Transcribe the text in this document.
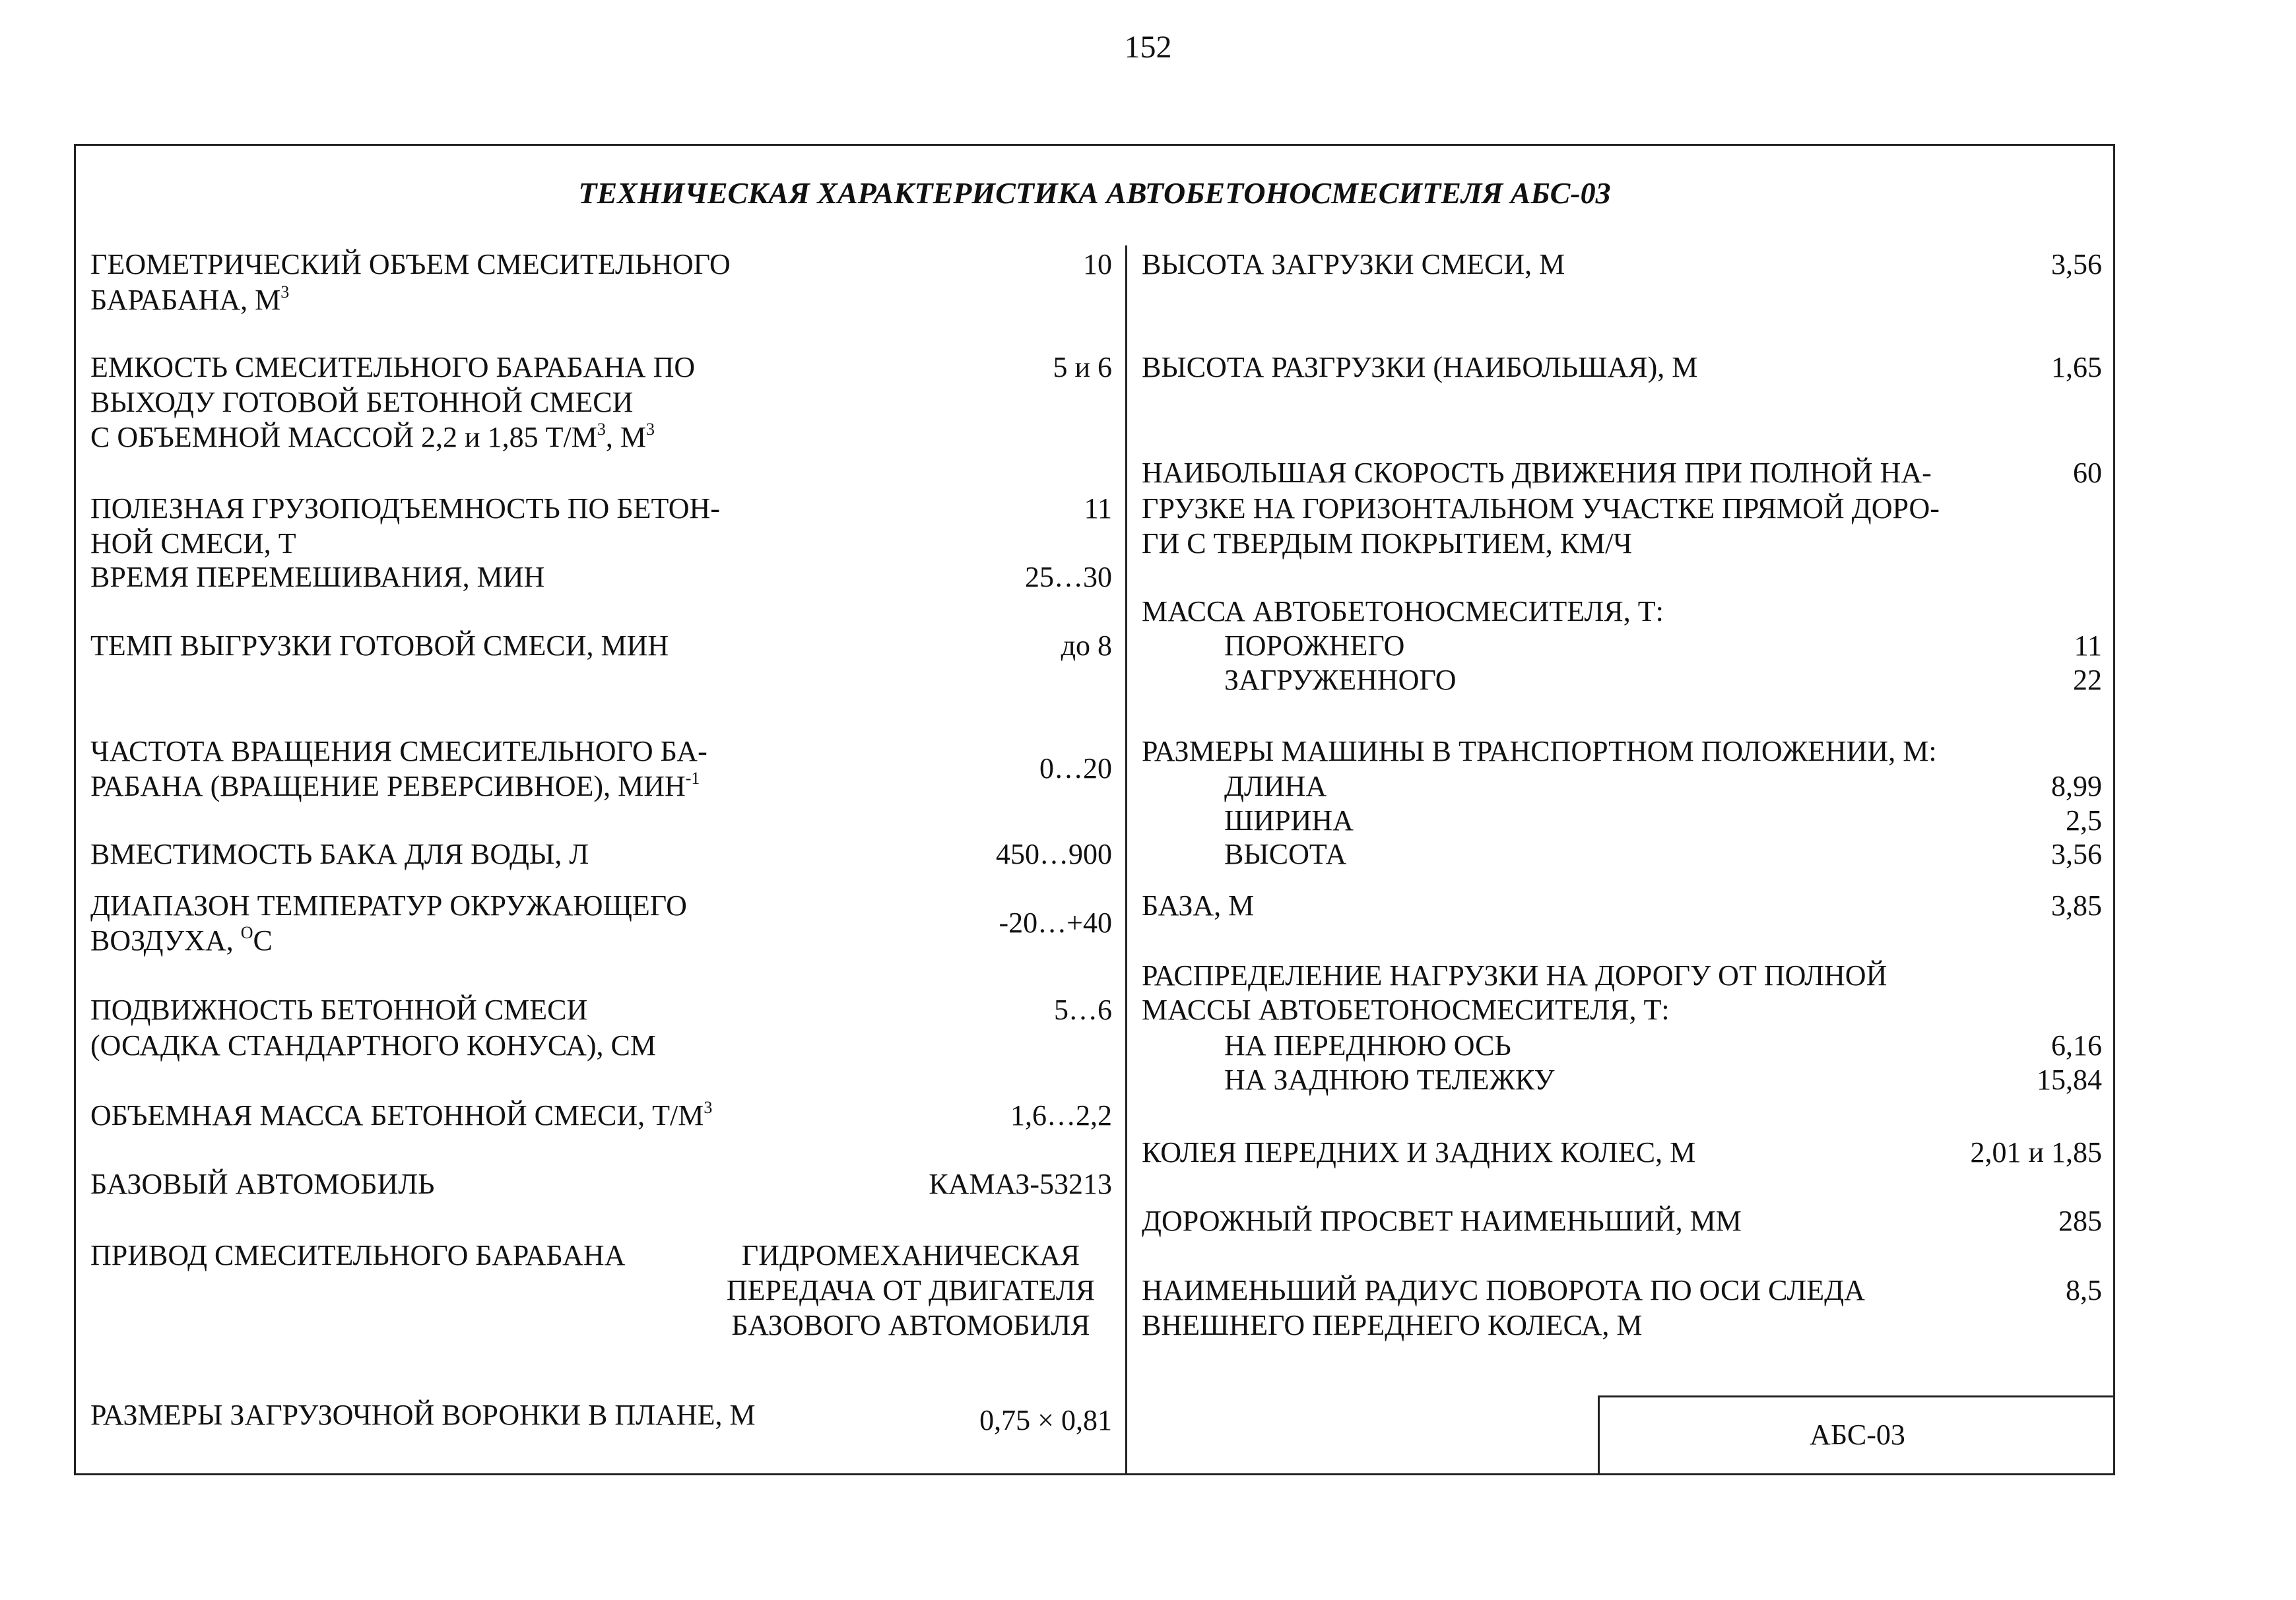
152
АБС-03
ТЕХНИЧЕСКАЯ ХАРАКТЕРИСТИКА АВТОБЕТОНОСМЕСИТЕЛЯ АБС-03
ГЕОМЕТРИЧЕСКИЙ ОБЪЕМ СМЕСИТЕЛЬНОГО
БАРАБАНА, $М^3$
10
ЕМКОСТЬ СМЕСИТЕЛЬНОГО БАРАБАНА ПО
ВЫХОДУ ГОТОВОЙ БЕТОННОЙ СМЕСИ
С ОБЪЕМНОЙ МАССОЙ 2,2 и 1,85 $Т/М^3$, $М^3$
5 и 6
ПОЛЕЗНАЯ ГРУЗОПОДЪЕМНОСТЬ ПО БЕТОН-
НОЙ СМЕСИ, Т
11
ВРЕМЯ ПЕРЕМЕШИВАНИЯ, МИН	25…30
ТЕМП ВЫГРУЗКИ ГОТОВОЙ СМЕСИ, МИН	до 8
ЧАСТОТА ВРАЩЕНИЯ СМЕСИТЕЛЬНОГО БА-
РАБАНА (ВРАЩЕНИЕ РЕВЕРСИВНОЕ), $МИН^{-1}$	0…20
ВМЕСТИМОСТЬ БАКА ДЛЯ ВОДЫ, Л	450…900
ДИАПАЗОН ТЕМПЕРАТУР ОКРУЖАЮЩЕГО
ВОЗДУХА, $^О$С
-20…+40
ПОДВИЖНОСТЬ БЕТОННОЙ СМЕСИ
(ОСАДКА СТАНДАРТНОГО КОНУСА), СМ
5…6
ОБЪЕМНАЯ МАССА БЕТОННОЙ СМЕСИ, $Т/М^3$	1,6…2,2
БАЗОВЫЙ АВТОМОБИЛЬ	КАМАЗ-53213
ПРИВОД СМЕСИТЕЛЬНОГО БАРАБАНА	ГИДРОМЕХАНИЧЕСКАЯ
ПЕРЕДАЧА ОТ ДВИГАТЕЛЯ
БАЗОВОГО АВТОМОБИЛЯ
РАЗМЕРЫ ЗАГРУЗОЧНОЙ ВОРОНКИ В ПЛАНЕ, М	0,75 × 0,81
ВЫСОТА ЗАГРУЗКИ СМЕСИ, М	3,56
ВЫСОТА РАЗГРУЗКИ (НАИБОЛЬШАЯ), М	1,65
НАИБОЛЬШАЯ СКОРОСТЬ ДВИЖЕНИЯ ПРИ ПОЛНОЙ НА-
ГРУЗКЕ НА ГОРИЗОНТАЛЬНОМ УЧАСТКЕ ПРЯМОЙ ДОРО-
ГИ С ТВЕРДЫМ ПОКРЫТИЕМ, КМ/Ч
60
МАССА АВТОБЕТОНОСМЕСИТЕЛЯ, Т:
ПОРОЖНЕГО	11
ЗАГРУЖЕННОГО	22
РАЗМЕРЫ МАШИНЫ В ТРАНСПОРТНОМ ПОЛОЖЕНИИ, М:
ДЛИНА	8,99
ШИРИНА	2,5
ВЫСОТА	3,56
БАЗА, М	3,85
РАСПРЕДЕЛЕНИЕ НАГРУЗКИ НА ДОРОГУ ОТ ПОЛНОЙ
МАССЫ АВТОБЕТОНОСМЕСИТЕЛЯ, Т:
НА ПЕРЕДНЮЮ ОСЬ	6,16
НА ЗАДНЮЮ ТЕЛЕЖКУ	15,84
КОЛЕЯ ПЕРЕДНИХ И ЗАДНИХ КОЛЕС, М	2,01 и 1,85
ДОРОЖНЫЙ ПРОСВЕТ НАИМЕНЬШИЙ, ММ	285
НАИМЕНЬШИЙ РАДИУС ПОВОРОТА ПО ОСИ СЛЕДА
ВНЕШНЕГО ПЕРЕДНЕГО КОЛЕСА, М
8,5
